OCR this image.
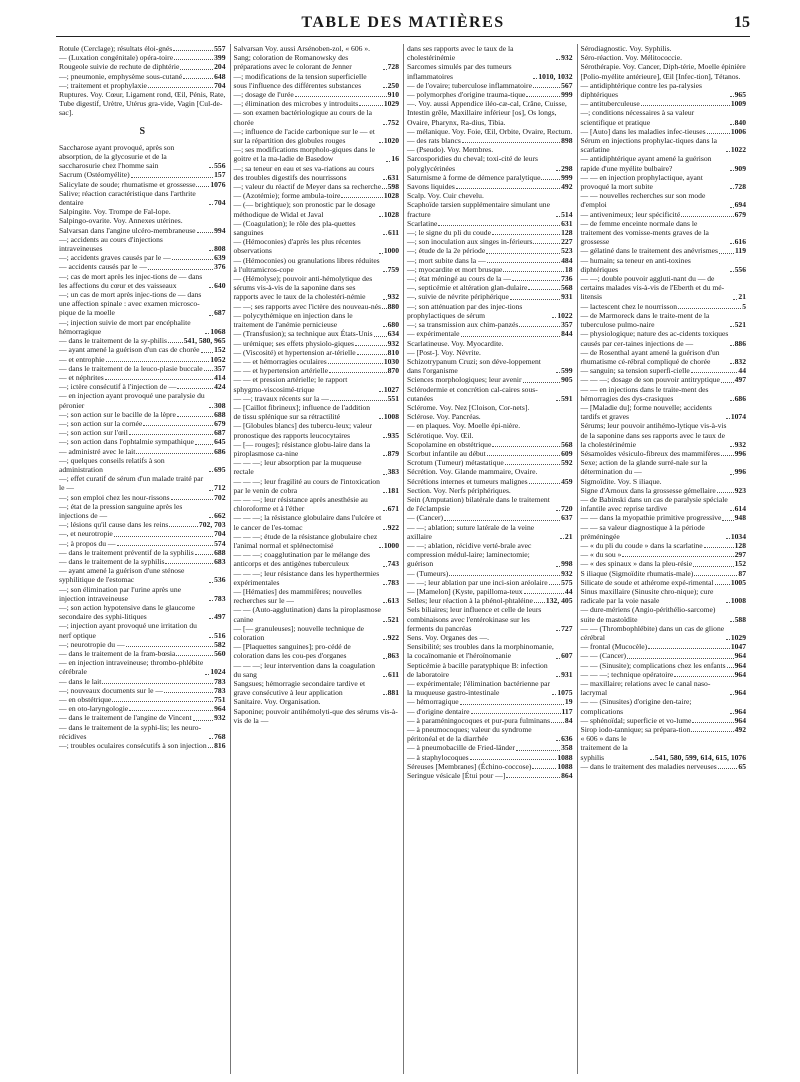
TABLE DES MATIÈRES	15
Rotule (Cerclage); résultats éloi-gnés	557
— (Luxation congénitale) opéra-toire	399
Rougeole suivie de rechute de diphtérie	204
—; pneumonie, emphysème sous-cutané	648
—; traitement et prophylaxie	704
Ruptures. Voy. Cœur, Ligament rond, Œil, Pénis, Rate, Tube digestif, Urètre, Utérus gra-vide, Vagin [Cul-de-sac].
S
Saccharose ayant provoqué, après son absorption, de la glycosurie et de la saccharosurie chez l'homme sain	556
Sacrum (Ostéomyélite)	157
Salicylate de soude; rhumatisme et grossesse 1076
Salive; réaction caractéristique dans l'arthrite dentaire	704
Salpingite. Voy. Trompe de Fal-lope.
Salpingo-ovarite. Voy. Annexes utérines.
Salvarsan dans l'angine ulcéro-membraneuse 994
—; accidents au cours d'injections intraveineuses	808
—; accidents graves causés par le —	639
— accidents causés par le —	376
—; cas de mort après les injec-tions de — dans les affections du cœur et des vaisseaux	640
—; un cas de mort après injec-tions de — dans une affection spinale : avec examen microsco-pique de la moelle	687
—; injection suivie de mort par encéphalite hémorragique	1068
— dans le traitement de la sy-philis 541, 580, 965
— ayant amené la guérison d'un cas de chorée 152
— et entrophie	1052
— dans le traitement de la leuco-plasie buccale 357
— et néphrites	414
—; ictère consécutif à l'injection de —	424
— en injection ayant provoqué une paralysie du péronier	308
—; son action sur le bacille de la lèpre	688
—; son action sur la cornée	679
—; son action sur l'œil	687
—; son action dans l'ophtalmie sympathique	645
— administré avec le lait	686
—; quelques conseils relatifs à son administration	695
—; effet curatif de sérum d'un malade traité par le —	712
—; son emploi chez les nour-rissons	702
—; état de la pression sanguine après les injections de —	662
—; lésions qu'il cause dans les reins	702, 703
—, et neurotropie	704
—; à propos du —	574
— dans le traitement préventif de la syphilis	688
— dans le traitement de la syphilis	683
— ayant amené la guérison d'une sténose syphilitique de l'estomac	536
—; son élimination par l'urine après une injection intraveineuse	783
—; son action hypotensive dans le glaucome secondaire des syphi-litiques	497
—; injection ayant provoqué une irritation du nerf optique	516
—; neurotropie du —	582
— dans le traitement de la fram-bœsia	560
— en injection intraveineuse; thrombo-phlébite cérébrale	1024
— dans le lait	783
—; nouveaux documents sur le —	783
— en obstétrique	751
— en oto-laryngologie	964
— dans le traitement de l'angine de Vincent	932
— dans le traitement de la syphi-lis; les neuro-récidives	768
—; troubles oculaires consécutifs à son injection 816
Salvarsan Voy. aussi Arsénoben-zol, « 606 ».
Sang; coloration de Romanowsky des préparations avec le colorant de Jenner	728
—; modifications de la tension superficielle sous l'influence des différentes substances	250
—; dosage de l'urée	910
—; élimination des microbes y introduits	1029
— son examen bactériologique au cours de la chorée	752
—; influence de l'acide carbonique sur le — et sur la répartition des globules rouges	1020
—; ses modifications morpholo-giques dans le goitre et la ma-ladie de Basedow	16
—; sa teneur en eau et ses va-riations au cours des troubles digestifs des nourrissons	631
—; valeur du réactif de Meyer dans sa recherche 598
— (Azotémie); forme ambula-toire	1028
— (— brightique); son pronostic par le dosage méthodique de Widal et Javal	1028
— (Coagulation); le rôle des pla-quettes sanguines	611
— (Hémoconies) d'après les plus récentes observations	1000
— (Hémoconies) ou granulations libres réduites à l'ultramicros-cope	759
— (Hémolyse); pouvoir anti-hémolytique des sérums vis-à-vis de la saponine dans ses rapports avec le taux de la cholestéri-némie	932
— —; ses rapports avec l'ictère des nouveau-nés 880
— polycythémique en injection dans le traitement de l'anémie pernicieuse	680
— (Transfusion); sa technique aux États-Unis 634
— urémique; ses effets physiolo-giques	932
— (Viscosité) et hypertension ar-térielle	810
— — et hémorragies oculaires	1030
— — et hypertension artérielle	870
— — et pression artérielle; le rapport sphygmo-viscosimé-trique	1027
— —; travaux récents sur la —	551
— [Caillot fibrineux]; influence de l'addition de tissu splénique sur sa rétractilité	1008
— [Globules blancs] des tubercu-leux; valeur pronostique des rapports leucocytaires	935
— [— rouges]; résistance globu-laire dans la piroplasmose ca-nine	879
— — —; leur absorption par la muqueuse rectale	383
— — —; leur fragilité au cours de l'intoxication par le venin de cobra	181
— — —; leur résistance après anesthésie au chloroforme et à l'éther	671
— — —; la résistance globulaire dans l'ulcère et le cancer de l'es-tomac	922
— — —; étude de la résistance globulaire chez l'animal normal et splénectomisé	1000
— — —; coagglutination par le mélange des anticorps et des antigènes tuberculeux	743
— — —; leur résistance dans les hyperthermies expérimentales	783
— [Hématies] des mammifères; nouvelles recherches sur le —	613
— — (Auto-agglutination) dans la piroplasmose canine	521
— [— granuleuses]; nouvelle technique de coloration	922
— [Plaquettes sanguines]; pro-cédé de coloration dans les cou-pes d'organes	863
— — —; leur intervention dans la coagulation du sang	611
Sangsues; hémorragie secondaire tardive et grave consécutive à leur application	881
Sanitaire. Voy. Organisation.
Saponine; pouvoir antihémolyti-que des sérums vis-à-vis de la —
dans ses rapports avec le taux de la cholestérinémie	932
Sarcomes simulés par des tumeurs inflammatoires	1010, 1032
— de l'ovaire; tuberculose inflammatoire	567
— polymorphes d'origine trauma-tique	999
—. Voy. aussi Appendice iléo-cæ-cal, Crâne, Cuisse, Intestin grêle, Maxillaire inférieur [os], Os longs, Ovaire, Pharynx, Ra-dius, Tibia.
— mélanique. Voy. Foie, Œil, Orbite, Ovaire, Rectum.
— des rats blancs	898
— (Pseudo). Voy. Membres.
Sarcosporidies du cheval; toxi-cité de leurs polyglycérinées	298
Saturnisme à forme de démence paralytique	999
Savons liquides	492
Scalp. Voy. Cuir chevelu.
Scaphoïde tarsien supplémentaire simulant une fracture	514
Scarlatine	631
—; le signe du pli du coude	128
—; son inoculation aux singes in-férieurs	227
—; étude de la 2e période	523
—; mort subite dans la —	484
—; myocardite et mort brusque	18
—; état méningé au cours de la —	736
—, septicémie et altération glan-dulaire	568
—, suivie de névrite périphérique	931
—; son atténuation par des injec-tions prophylactiques de sérum	1022
—; sa transmission aux chim-panzés	357
— expérimentale	844
Scarlatineuse. Voy. Myocardite.
— [Post-]. Voy. Névrite.
Schizotrypanum Cruzi; son déve-loppement dans l'organisme	599
Sciences morphologiques; leur avenir	905
Sclérodermie et concrétion cal-caires sous-cutanées	591
Sclérome. Voy. Nez [Cloison, Cor-nets].
Sclérose. Voy. Pancréas.
— en plaques. Voy. Moelle épi-nière.
Sclérotique. Voy. Œil.
Scopolamine en obstétrique	568
Scorbut infantile au début	609
Scrotum (Tumeur) métastatique	592
Sécrétion. Voy. Glande mammaire, Ovaire.
Sécrétions internes et tumeurs malignes	459
Section. Voy. Nerfs périphériques.
Sein (Amputation) bilatérale dans le traitement de l'éclampsie	720
— (Cancer)	637
— —; ablation; suture latérale de la veine axillaire	21
— —; ablation, récidive verté-brale avec compression médul-laire; laminectomie; guérison	998
— (Tumeurs)	932
— —; leur ablation par une inci-sion aréolaire 575
— [Mamelon] (Kyste, papilloma-teux	44
Selles; leur réaction à la phénol-phtaléine 132, 405
Sels biliaires; leur influence et celle de leurs combinaisons avec l'entérokinase sur les ferments du pancréas	727
Sens. Voy. Organes des —.
Sensibilité; ses troubles dans la morphinomanie, la cocaïnomanie et l'héroïnomanie	607
Septicémie à bacille paratyphique B: infection de laboratoire	931
— expérimentale; l'élimination bactérienne par la muqueuse gastro-intestinale	1075
— hémorragique	19
— d'origine dentaire	117
— à paraméningocoques et pur-pura fulminans 84
— à pneumocoques; valeur du syndrome péritonéal et de la diarrhée	636
— à pneumobacille de Fried-länder	358
— à staphylocoques	1088
Séreuses [Membranes] (Échino-coccose)	1088
Seringue vésicale [Étui pour —]	864
Sérodiagnostic. Voy. Syphilis.
Séro-réaction. Voy. Mélitococcie.
Sérothérapie. Voy. Cancer, Diph-térie, Moelle épinière [Polio-myélite antérieure], Œil [Infec-tion], Tétanos.
— antidiphtérique contre les pa-ralysies diphtériques	965
— antituberculeuse	1009
—; conditions nécessaires à sa valeur scientifique et pratique	840
— [Auto] dans les maladies infec-tieuses	1006
Sérum en injections prophylac-tiques dans la scarlatine	1022
— antidiphtérique ayant amené la guérison rapide d'une myélite bulbaire?	909
— — en injection prophylactique, ayant provoqué la mort subite	728
— — nouvelles recherches sur son mode d'emploi	694
— antivenimeux; leur spécificité	679
— de femme enceinte normale dans le traitement des vomisse-ments graves de la grossesse	616
— gélatiné dans le traitement des anévrismes 119
— humain; sa teneur en anti-toxines diphtériques	556
— —; double pouvoir aggluti-nant du — de certains malades vis-à-vis de l'Eberth et du mé-litensis	21
— lactescent chez le nourrisson	5
— de Marmoreck dans le traite-ment de la tuberculose pulmo-naire	521
— physiologique; nature des ac-cidents toxiques causés par cer-taines injections de —	886
— de Rosenthal ayant amené la guérison d'un rhumatisme cé-rébral compliqué de chorée	832
— sanguin; sa tension superfi-cielle	44
— — —; dosage de son pouvoir antitryptique 497
— — en injections dans le traite-ment des hémorragies des dys-crasiques	686
— [Maladie du]; forme nouvelle; accidents tardifs et graves	1074
Sérums; leur pouvoir antihémo-lytique vis-à-vis de la saponine dans ses rapports avec le taux de la cholestérinémie	932
Sésamoïdes vésiculo-fibreux des mammifères 996
Sexe; action de la glande surré-nale sur la détermination du —	996
Sigmoïdite. Voy. S iliaque.
Signe d'Arnoux dans la grossesse gémellaire 923
— de Babinski dans un cas de paralysie spéciale infantile avec reprise tardive	614
— — dans la myopathie primitive progressive 948
— — sa valeur diagnostique à la période préméningée	1034
— « du pli du coude » dans la scarlatine	128
— « du sou »	297
— « des spinaux » dans la pleu-résie	152
S iliaque (Sigmoïdite rhumatis-male)	87
Silicate de soude et athérome expé-rimental 1005
Sinus maxillaire (Sinusite chro-nique); cure radicale par la voie nasale	1008
— dure-mériens (Angio-périthélio-sarcome) suite de mastoïdite	588
— — (Thrombophlébite) dans un cas de glione cérébral	1029
— frontal (Mucocèle)	1047
— — (Cancer)	964
— — (Sinusite); complications chez les enfants 964
— — —; technique opératoire	964
— maxillaire; relations avec le canal naso-lacrymal	964
— — (Sinusites) d'origine den-taire; complications	964
— sphénoïdal; superficie et vo-lume	964
Sirop iodo-tannique; sa prépara-tion	492
« 606 » dans le traitement de la syphilis	541, 580, 599, 614, 615, 1076
— dans le traitement des maladies nerveuses	65
